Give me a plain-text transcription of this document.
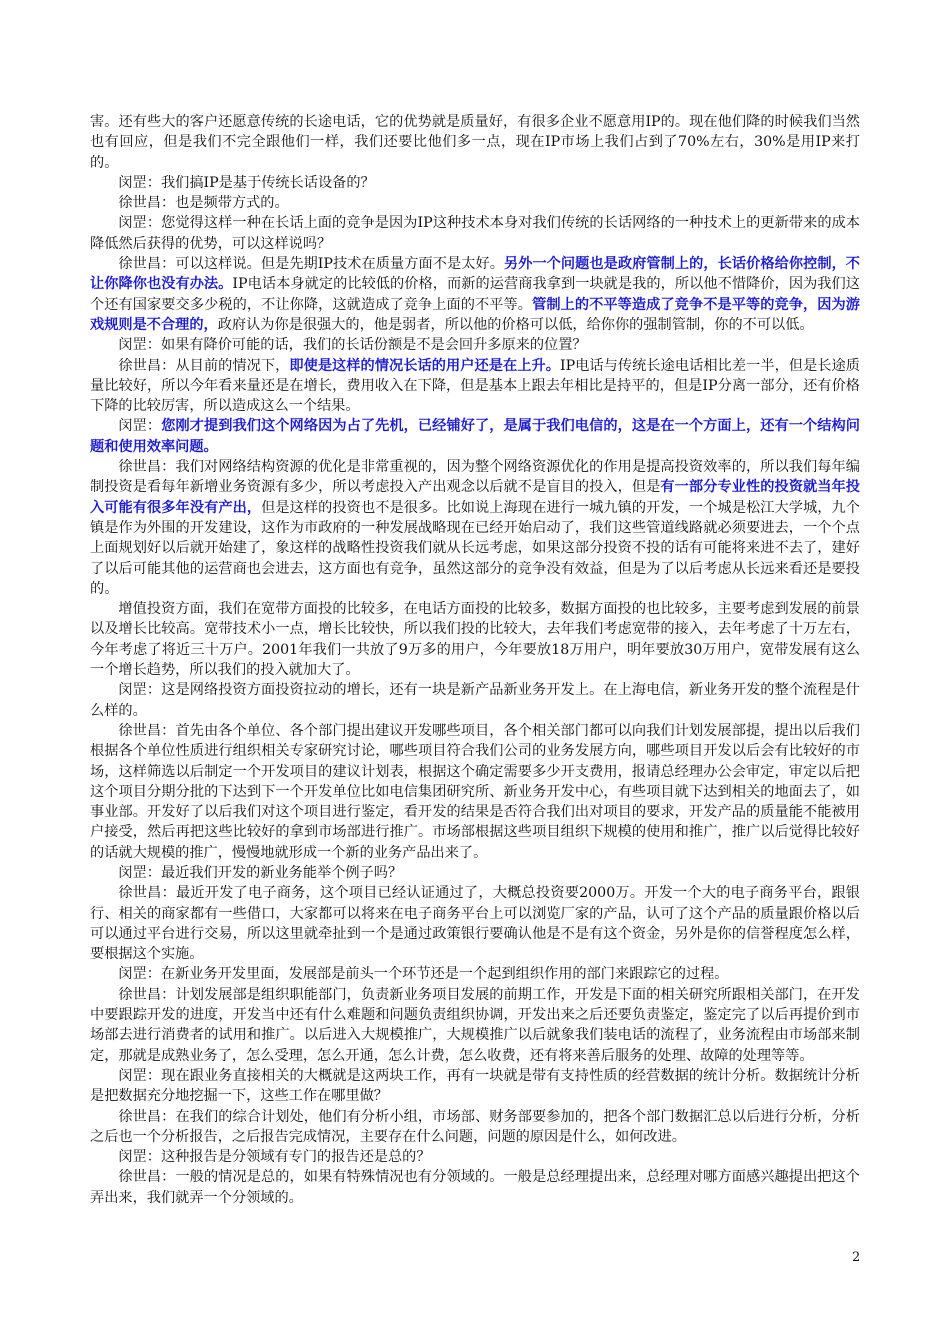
害。还有些大的客户还愿意传统的长途电话，它的优势就是质量好，有很多企业不愿意用IP的。现在他们降的时候我们当然也有回应，但是我们不完全跟他们一样，我们还要比他们多一点，现在IP市场上我们占到了70%左右，30%是用IP来打的。

闵罡：我们搞IP是基于传统长话设备的？

徐世昌：也是频带方式的。

闵罡：您觉得这样一种在长话上面的竞争是因为IP这种技术本身对我们传统的长话网络的一种技术上的更新带来的成本降低然后获得的优势，可以这样说吗？

徐世昌：可以这样说。但是先期IP技术在质量方面不是太好。另外一个问题也是政府管制上的，长话价格给你控制，不让你降你也没有办法。IP电话本身就定的比较低的价格，而新的运营商我拿到一块就是我的，所以他不惜降价，因为我们这个还有国家要交多少税的，不让你降，这就造成了竞争上面的不平等。管制上的不平等造成了竞争不是平等的竞争，因为游戏规则是不合理的，政府认为你是很强大的，他是弱者，所以他的价格可以低，给你你的强制管制，你的不可以低。

闵罡：如果有降价可能的话，我们的长话份额是不是会回升多原来的位置？

徐世昌：从目前的情况下，即使是这样的情况长话的用户还是在上升。IP电话与传统长途电话相比差一半，但是长途质量比较好，所以今年看来量还是在增长，费用收入在下降，但是基本上跟去年相比是持平的，但是IP分离一部分，还有价格下降的比较厉害，所以造成这么一个结果。

闵罡：您刚才提到我们这个网络因为占了先机，已经铺好了，是属于我们电信的，这是在一个方面上，还有一个结构问题和使用效率问题。

徐世昌：我们对网络结构资源的优化是非常重视的，因为整个网络资源优化的作用是提高投资效率的，所以我们每年编制投资是看每年新增业务资源有多少，所以考虑投入产出观念以后就不是盲目的投入，但是有一部分专业性的投资就当年投入可能有很多年没有产出，但是这样的投资也不是很多。比如说上海现在进行一城九镇的开发，一个城是松江大学城，九个镇是作为外围的开发建设，这作为市政府的一种发展战略现在已经开始启动了，我们这些管道线路就必须要进去，一个个点上面规划好以后就开始建了，象这样的战略性投资我们就从长远考虑，如果这部分投资不投的话有可能将来进不去了，建好了以后可能其他的运营商也会进去，这方面也有竞争，虽然这部分的竞争没有效益，但是为了以后考虑从长远来看还是要投的。

增值投资方面，我们在宽带方面投的比较多，在电话方面投的比较多，数据方面投的也比较多，主要考虑到发展的前景以及增长比较高。宽带技术小一点，增长比较快，所以我们投的比较大，去年我们考虑宽带的接入，去年考虑了十万左右，今年考虑了将近三十万户。2001年我们一共放了9万多的用户，今年要放18万用户，明年要放30万用户，宽带发展有这么一个增长趋势，所以我们的投入就加大了。

闵罡：这是网络投资方面投资拉动的增长，还有一块是新产品新业务开发上。在上海电信，新业务开发的整个流程是什么样的。

徐世昌：首先由各个单位、各个部门提出建议开发哪些项目，各个相关部门都可以向我们计划发展部提，提出以后我们根据各个单位性质进行组织相关专家研究讨论，哪些项目符合我们公司的业务发展方向，哪些项目开发以后会有比较好的市场，这样筛选以后制定一个开发项目的建议计划表，根据这个确定需要多少开支费用，报请总经理办公会审定，审定以后把这个项目分期分批的下达到下一个开发单位比如电信集团研究所、新业务开发中心，有些项目就下达到相关的地面去了，如事业部。开发好了以后我们对这个项目进行鉴定，看开发的结果是否符合我们出对项目的要求，开发产品的质量能不能被用户接受，然后再把这些比较好的拿到市场部进行推广。市场部根据这些项目组织下规模的使用和推广，推广以后觉得比较好的话就大规模的推广，慢慢地就形成一个新的业务产品出来了。

闵罡：最近我们开发的新业务能举个例子吗？

徐世昌：最近开发了电子商务，这个项目已经认证通过了，大概总投资要2000万。开发一个大的电子商务平台，跟银行、相关的商家都有一些借口，大家都可以将来在电子商务平台上可以浏览厂家的产品，认可了这个产品的质量跟价格以后可以通过平台进行交易，所以这里就牵扯到一个是通过政策银行要确认他是不是有这个资金，另外是你的信誉程度怎么样，要根据这个实施。

闵罡：在新业务开发里面，发展部是前头一个环节还是一个起到组织作用的部门来跟踪它的过程。

徐世昌：计划发展部是组织职能部门，负责新业务项目发展的前期工作，开发是下面的相关研究所跟相关部门，在开发中要跟踪开发的进度，开发当中还有什么难题和问题负责组织协调，开发出来之后还要负责鉴定，鉴定完了以后再提价到市场部去进行消费者的试用和推广。以后进入大规模推广，大规模推广以后就象我们装电话的流程了，业务流程由市场部来制定，那就是成熟业务了，怎么受理，怎么开通，怎么计费，怎么收费，还有将来善后服务的处理、故障的处理等等。

闵罡：现在跟业务直接相关的大概就是这两块工作，再有一块就是带有支持性质的经营数据的统计分析。数据统计分析是把数据充分地挖掘一下，这些工作在哪里做？

徐世昌：在我们的综合计划处，他们有分析小组，市场部、财务部要参加的，把各个部门数据汇总以后进行分析，分析之后也一个分析报告，之后报告完成情况，主要存在什么问题，问题的原因是什么，如何改进。

闵罡：这种报告是分领域有专门的报告还是总的？

徐世昌：一般的情况是总的，如果有特殊情况也有分领域的。一般是总经理提出来，总经理对哪方面感兴趣提出把这个弄出来，我们就弄一个分领域的。

2
